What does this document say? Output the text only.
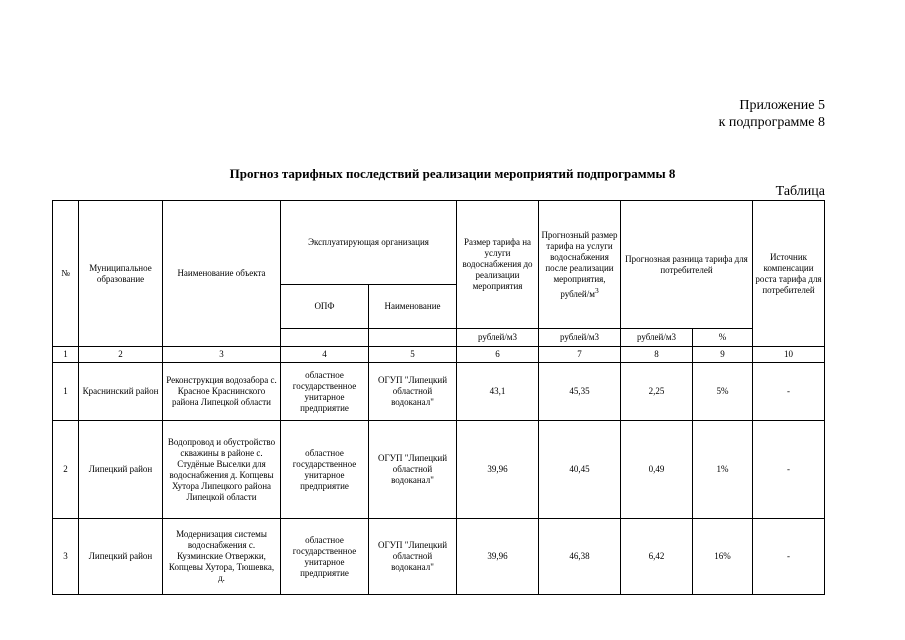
Приложение 5
к подпрограмме 8
Прогноз тарифных последствий реализации мероприятий подпрограммы 8
Таблица
№	Муниципальное образование	Наименование объекта	Эксплуатирующая организация		Размер тарифа на услуги водоснабжения до реализации мероприятия	Прогнозный размер тарифа на услуги водоснабжения после реализации мероприятия, рублей/$м^3$	Прогнозная разница тарифа для потребителей		Источник компенсации роста тарифа для потребителей
			ОПФ	Наименование					
					рублей/м3	рублей/м3	рублей/м3	%	
1	2	3	4	5	6	7	8	9	10
1	Краснинский район	Реконструкция водозабора с. Красное Краснинского района Липецкой области	областное государственное унитарное предприятие	ОГУП "Липецкий областной водоканал"	43,1	45,35	2,25	5%	-
2	Липецкий район	Водопровод и обустройство скважины в районе с. Студёные Выселки для водоснабжения д. Копцевы Хутора Липецкого района Липецкой области	областное государственное унитарное предприятие	ОГУП "Липецкий областной водоканал"	39,96	40,45	0,49	1%	-
3	Липецкий район	Модернизация системы водоснабжения с. Кузминские Отвержки, Копцевы Хутора, Тюшевка, д.	областное государственное унитарное предприятие	ОГУП "Липецкий областной водоканал"	39,96	46,38	6,42	16%	-
